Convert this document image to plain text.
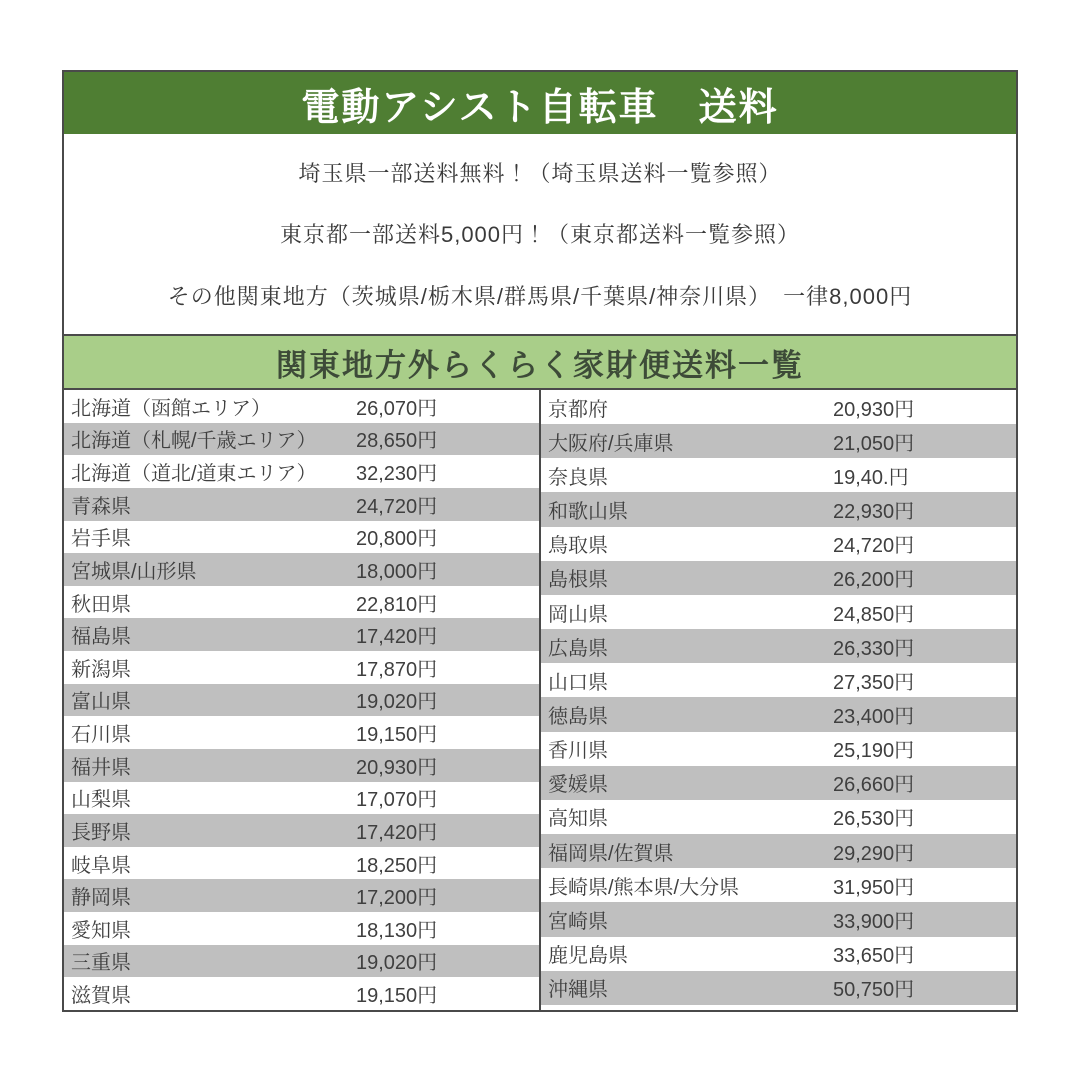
電動アシスト自転車　送料

埼玉県一部送料無料！（埼玉県送料一覧参照）

東京都一部送料5,000円！（東京都送料一覧参照）

その他関東地方（茨城県/栃木県/群馬県/千葉県/神奈川県）　一律8,000円

関東地方外らくらく家財便送料一覧
北海道（函館エリア）	26,070円
北海道（札幌/千歳エリア）	28,650円
北海道（道北/道東エリア）	32,230円
青森県	24,720円
岩手県	20,800円
宮城県/山形県	18,000円
秋田県	22,810円
福島県	17,420円
新潟県	17,870円
富山県	19,020円
石川県	19,150円
福井県	20,930円
山梨県	17,070円
長野県	17,420円
岐阜県	18,250円
静岡県	17,200円
愛知県	18,130円
三重県	19,020円
滋賀県	19,150円
京都府	20,930円
大阪府/兵庫県	21,050円
奈良県	19,40.円
和歌山県	22,930円
鳥取県	24,720円
島根県	26,200円
岡山県	24,850円
広島県	26,330円
山口県	27,350円
徳島県	23,400円
香川県	25,190円
愛媛県	26,660円
高知県	26,530円
福岡県/佐賀県	29,290円
長崎県/熊本県/大分県	31,950円
宮崎県	33,900円
鹿児島県	33,650円
沖縄県	50,750円
